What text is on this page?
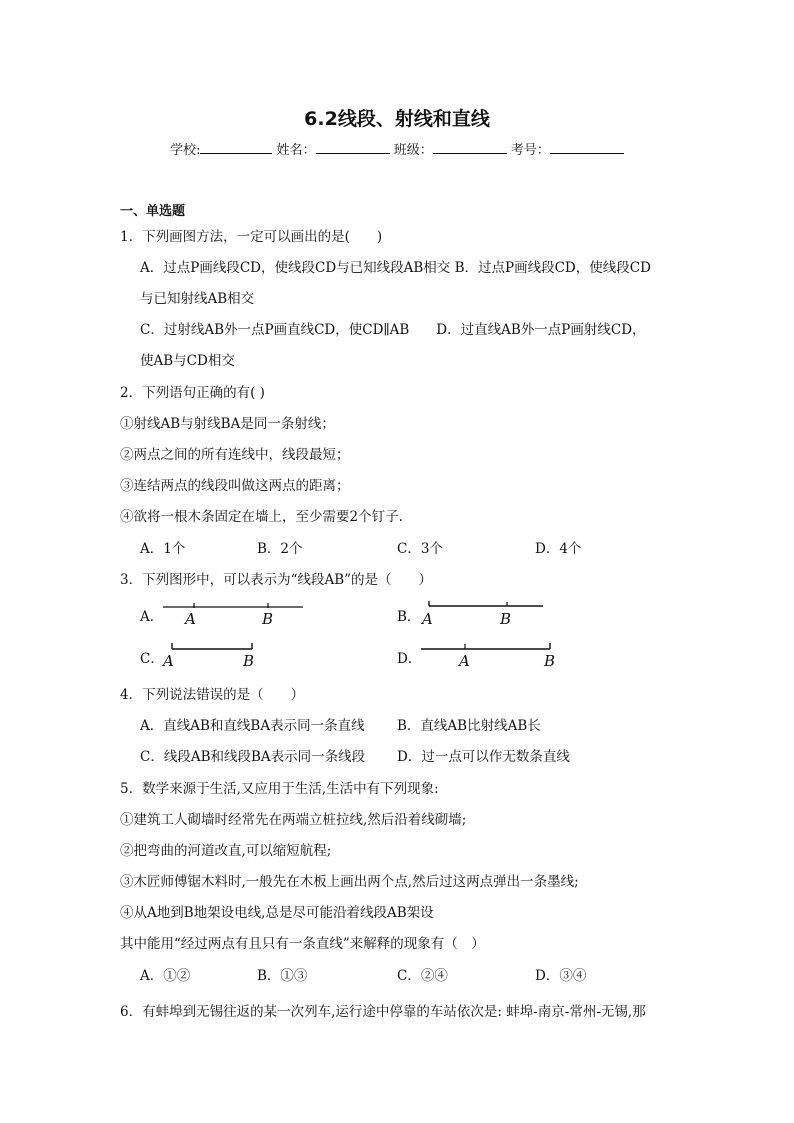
6.2线段、射线和直线
学校:	姓名：	班级：	考号：
一、单选题
1．下列画图方法，一定可以画出的是(　　)
A．过点P画线段CD，使线段CD与已知线段AB相交 B．过点P画线段CD，使线段CD
与已知射线AB相交
C．过射线AB外一点P画直线CD，使CD∥AB　　D．过直线AB外一点P画射线CD，
使AB与CD相交
2．下列语句正确的有( )
①射线AB与射线BA是同一条射线；
②两点之间的所有连线中，线段最短；
③连结两点的线段叫做这两点的距离；
④欲将一根木条固定在墙上，至少需要2个钉子.
A．1个	B．2个	C．3个	D．4个
3．下列图形中，可以表示为“线段AB”的是（　　）
A． A	B	B． A	B
C． A	B	D．	A	B
4．下列说法错误的是（　　）
A．直线AB和直线BA表示同一条直线 B．直线AB比射线AB长
C．线段AB和线段BA表示同一条线段 D．过一点可以作无数条直线
5．数学来源于生活,又应用于生活,生活中有下列现象:
①建筑工人砌墙时经常先在两端立桩拉线,然后沿着线砌墙;
②把弯曲的河道改直,可以缩短航程;
③木匠师傅锯木料时,一般先在木板上画出两个点,然后过这两点弹出一条墨线;
④从A地到B地架设电线,总是尽可能沿着线段AB架设
其中能用“经过两点有且只有一条直线”来解释的现象有（　）
A．①②	B．①③	C．②④	D．③④
6．有蚌埠到无锡往返的某一次列车,运行途中停靠的车站依次是: 蚌埠-南京-常州-无锡,那
